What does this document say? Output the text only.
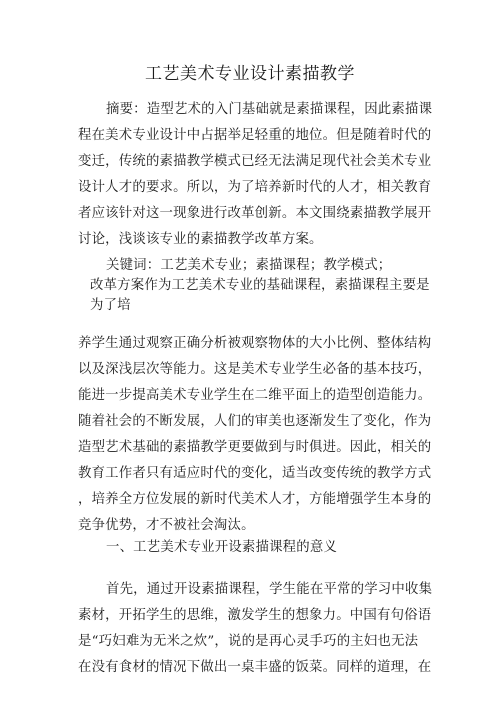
工艺美术专业设计素描教学
摘要：造型艺术的入门基础就是素描课程，因此素描课
程在美术专业设计中占据举足轻重的地位。但是随着时代的
变迁，传统的素描教学模式已经无法满足现代社会美术专业
设计人才的要求。所以，为了培养新时代的人才，相关教育
者应该针对这一现象进行改革创新。本文围绕素描教学展开
讨论，浅谈该专业的素描教学改革方案。
关键词：工艺美术专业；素描课程；教学模式；
改革方案作为工艺美术专业的基础课程，素描课程主要是
为了培
养学生通过观察正确分析被观察物体的大小比例、整体结构
以及深浅层次等能力。这是美术专业学生必备的基本技巧，
能进一步提高美术专业学生在二维平面上的造型创造能力。
随着社会的不断发展，人们的审美也逐渐发生了变化，作为
造型艺术基础的素描教学更要做到与时俱进。因此，相关的
教育工作者只有适应时代的变化，适当改变传统的教学方式
，培养全方位发展的新时代美术人才，方能增强学生本身的
竞争优势，才不被社会淘汰。
一、工艺美术专业开设素描课程的意义
首先，通过开设素描课程，学生能在平常的学习中收集
素材，开拓学生的思维，激发学生的想象力。中国有句俗语
是“巧妇难为无米之炊”，说的是再心灵手巧的主妇也无法
在没有食材的情况下做出一桌丰盛的饭菜。同样的道理，在
